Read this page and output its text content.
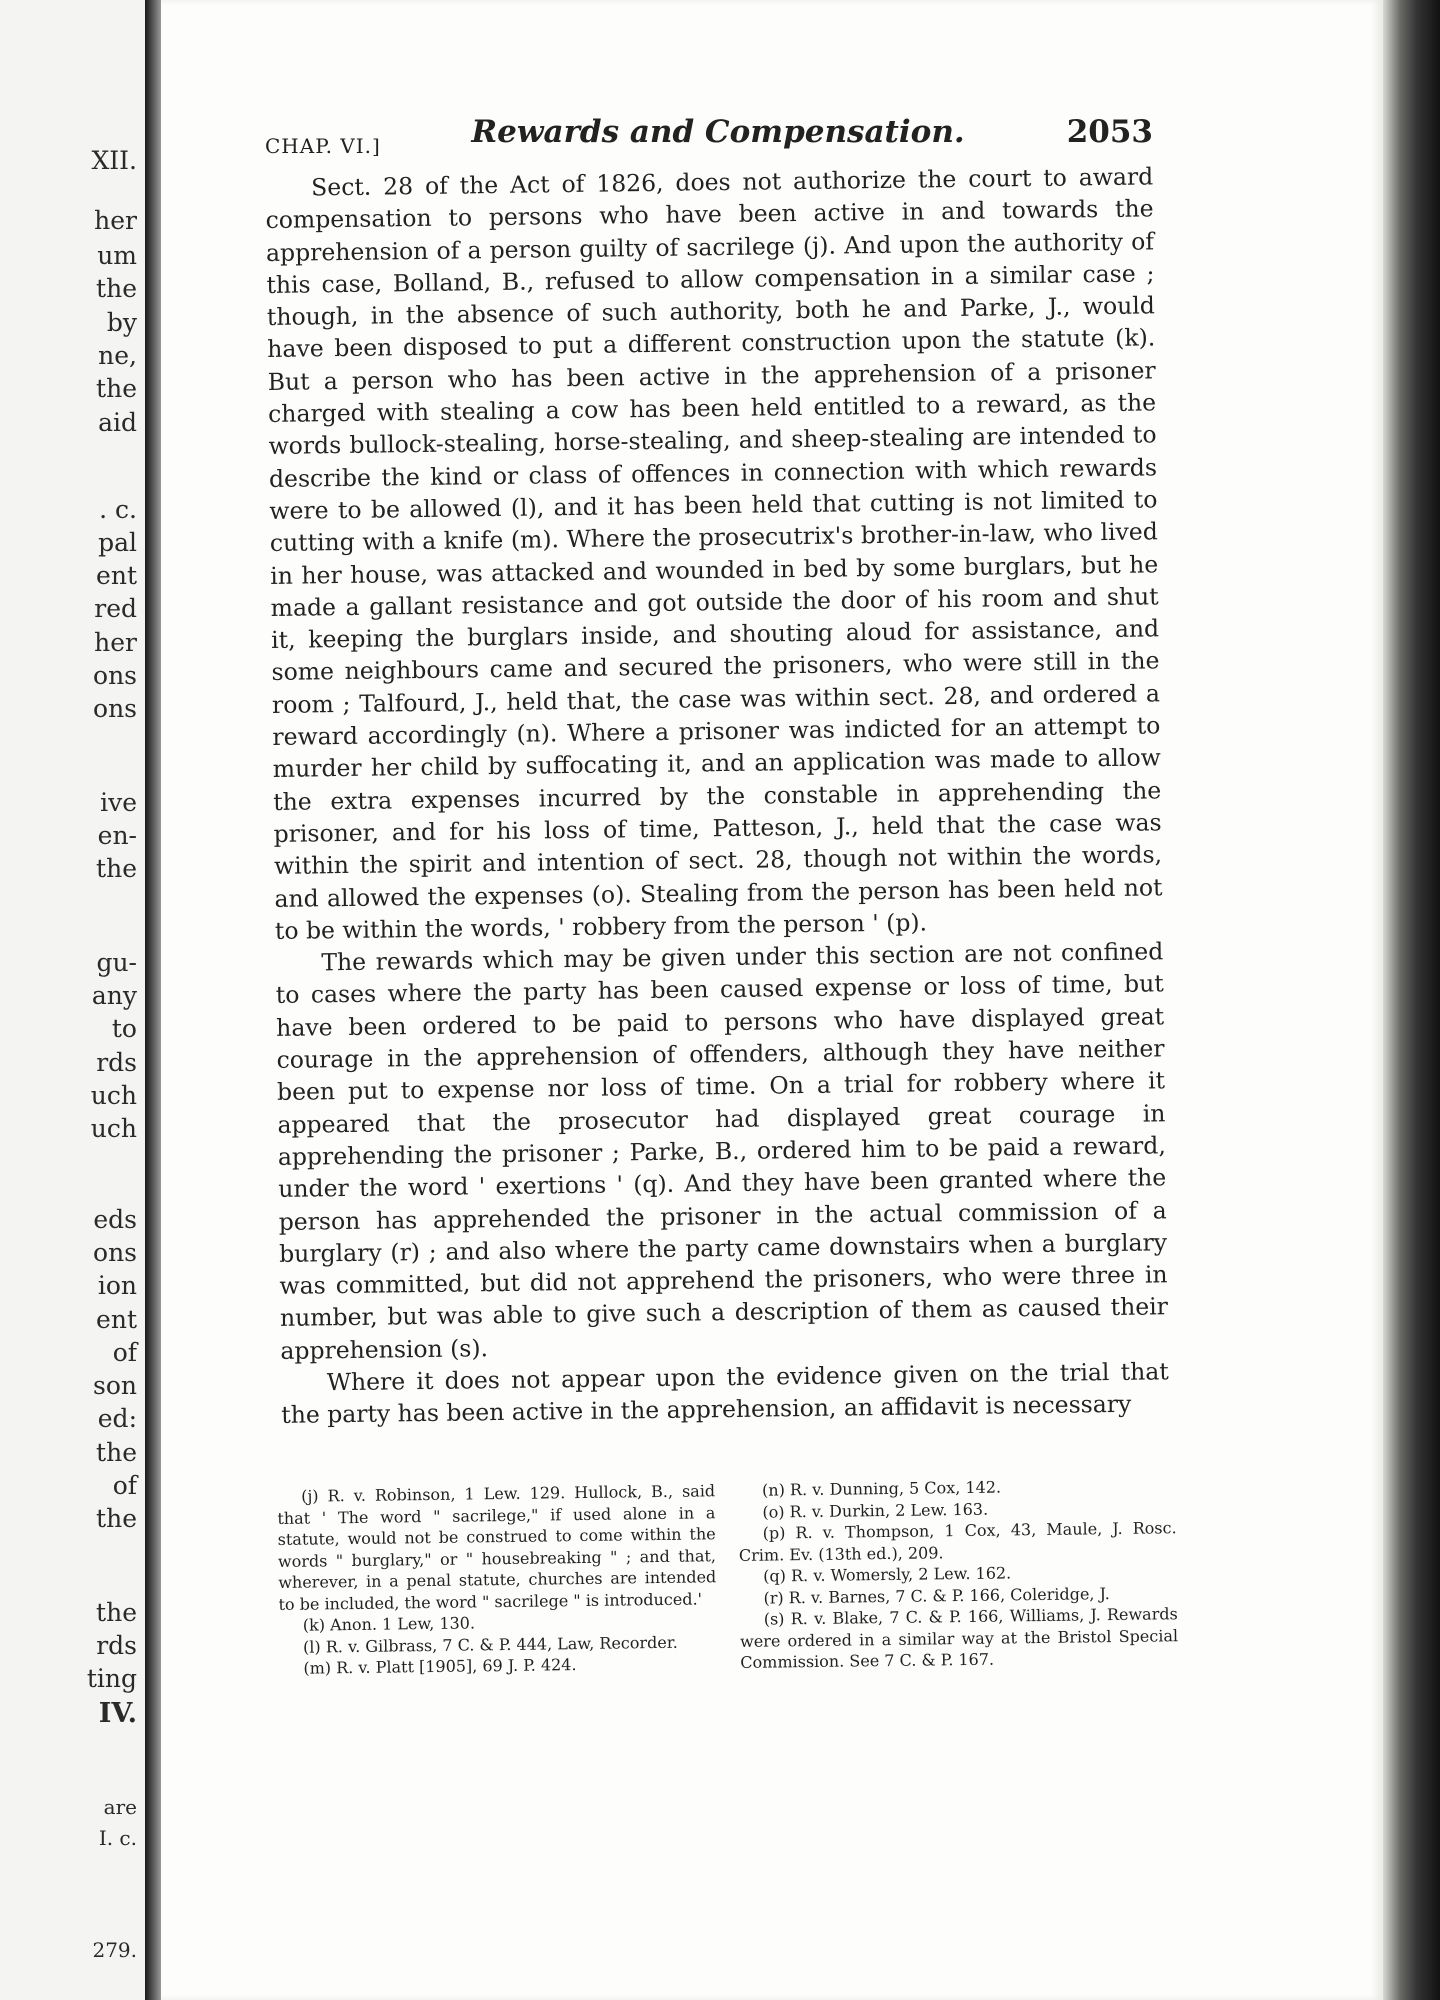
XII.
her
um
the
by
ne,
the
aid
. c.
pal
ent
red
her
ons
ons
ive
en-
the
gu-
any
to
rds
uch
uch
eds
ons
ion
ent
of
son
ed:
the
of
the
the
rds
ting
IV.
are
I. c.
279.
CHAP. VI.]	Rewards and Compensation.	2053

Sect. 28 of the Act of 1826, does not authorize the court to award compensation to persons who have been active in and towards the apprehension of a person guilty of sacrilege (j). And upon the authority of this case, Bolland, B., refused to allow compensation in a similar case ; though, in the absence of such authority, both he and Parke, J., would have been disposed to put a different construction upon the statute (k). But a person who has been active in the apprehension of a prisoner charged with stealing a cow has been held entitled to a reward, as the words bullock-stealing, horse-stealing, and sheep-stealing are intended to describe the kind or class of offences in connection with which rewards were to be allowed (l), and it has been held that cutting is not limited to cutting with a knife (m). Where the prosecutrix's brother-in-law, who lived in her house, was attacked and wounded in bed by some burglars, but he made a gallant resistance and got outside the door of his room and shut it, keeping the burglars inside, and shouting aloud for assistance, and some neighbours came and secured the prisoners, who were still in the room ; Talfourd, J., held that, the case was within sect. 28, and ordered a reward accordingly (n). Where a prisoner was indicted for an attempt to murder her child by suffocating it, and an application was made to allow the extra expenses incurred by the constable in apprehending the prisoner, and for his loss of time, Patteson, J., held that the case was within the spirit and intention of sect. 28, though not within the words, and allowed the expenses (o). Stealing from the person has been held not to be within the words, ' robbery from the person ' (p).

The rewards which may be given under this section are not confined to cases where the party has been caused expense or loss of time, but have been ordered to be paid to persons who have displayed great courage in the apprehension of offenders, although they have neither been put to expense nor loss of time. On a trial for robbery where it appeared that the prosecutor had displayed great courage in apprehending the prisoner ; Parke, B., ordered him to be paid a reward, under the word ' exertions ' (q). And they have been granted where the person has apprehended the prisoner in the actual commission of a burglary (r) ; and also where the party came downstairs when a burglary was committed, but did not apprehend the prisoners, who were three in number, but was able to give such a description of them as caused their apprehension (s).

Where it does not appear upon the evidence given on the trial that the party has been active in the apprehension, an affidavit is necessary

(j) R. v. Robinson, 1 Lew. 129. Hullock, B., said that ' The word " sacrilege," if used alone in a statute, would not be construed to come within the words " burglary," or " housebreaking " ; and that, wherever, in a penal statute, churches are intended to be included, the word " sacrilege " is introduced.'

(k) Anon. 1 Lew, 130.

(l) R. v. Gilbrass, 7 C. & P. 444, Law, Recorder.

(m) R. v. Platt [1905], 69 J. P. 424.

(n) R. v. Dunning, 5 Cox, 142.

(o) R. v. Durkin, 2 Lew. 163.

(p) R. v. Thompson, 1 Cox, 43, Maule, J. Rosc. Crim. Ev. (13th ed.), 209.

(q) R. v. Womersly, 2 Lew. 162.

(r) R. v. Barnes, 7 C. & P. 166, Coleridge, J.

(s) R. v. Blake, 7 C. & P. 166, Williams, J. Rewards were ordered in a similar way at the Bristol Special Commission. See 7 C. & P. 167.
